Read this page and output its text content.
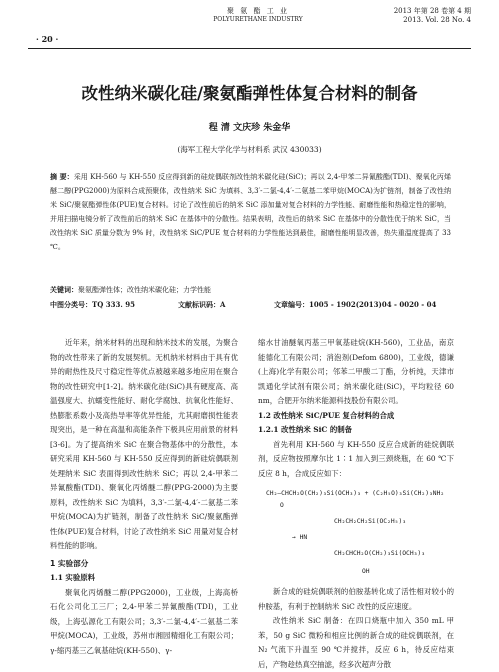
聚 氨 酯 工 业
POLYURETHANE INDUSTRY
· 20 ·
2013 年第 28 卷第 4 期
2013. Vol. 28 No. 4
改性纳米碳化硅/聚氨酯弹性体复合材料的制备
程 清 文庆珍 朱金华
(海军工程大学化学与材料系 武汉 430033)
摘 要：采用 KH-560 与 KH-550 反应得到新的硅烷偶联剂改性纳米碳化硅(SiC)；再以 2,4-甲苯二异氰酸酯(TDI)、聚氧化丙烯醚二醇(PPG2000)为原料合成预聚体，改性纳米 SiC 为填料、3,3′-二氯-4,4′-二氨基二苯甲烷(MOCA)为扩链剂，制备了改性纳米 SiC/聚氨酯弹性体(PUE)复合材料。讨论了改性前后的纳米 SiC 添加量对复合材料的力学性能、耐磨性能和热稳定性的影响，并用扫描电镜分析了改性前后的纳米 SiC 在基体中的分散性。结果表明，改性后的纳米 SiC 在基体中的分散性优于纳米 SiC，当改性纳米 SiC 质量分数为 9% 时，改性纳米 SiC/PUE 复合材料的力学性能达到最佳，耐磨性能明显改善，热失重温度提高了 33 ℃。
关键词：聚氨酯弹性体；改性纳米碳化硅；力学性能
中图分类号：TQ 333. 95	文献标识码：A	文章编号：1005 - 1902(2013)04 - 0020 - 04

近年来，纳米材料的出现和纳米技术的发展，为聚合物的改性带来了新的发展契机。无机纳米材料由于具有优异的耐热性及尺寸稳定性等优点被越来越多地应用在聚合物的改性研究中[1-2]。纳米碳化硅(SiC)具有硬度高、高温强度大、抗蠕变性能好、耐化学腐蚀、抗氧化性能好、热膨胀系数小及高热导率等优异性能，尤其耐磨损性能表现突出，是一种在高温和高能条件下极具应用前景的材料[3-6]。为了提高纳米 SiC 在聚合物基体中的分散性，本研究采用 KH-560 与 KH-550 反应得到的新硅烷偶联剂处理纳米 SiC 表面得到改性纳米 SiC；再以 2,4-甲苯二异氰酸酯(TDI)、聚氧化丙烯醚二醇(PPG-2000)为主要原料，改性纳米 SiC 为填料，3,3′-二氯-4,4′-二氨基二苯甲烷(MOCA)为扩链剂，制备了改性纳米 SiC/聚氨酯弹性体(PUE)复合材料，讨论了改性纳米 SiC 用量对复合材料性能的影响。

1 实验部分

1.1 实验原料

聚氧化丙烯醚二醇(PPG2000)，工业级，上海高桥石化公司化工三厂；2,4-甲苯二异氰酸酯(TDI)，工业级，上海弘源化工有限公司；3,3′-二氯-4,4′-二氨基二苯甲烷(MOCA)，工业级，苏州市湘园精细化工有限公司；γ-缩丙基三乙氧基硅烷(KH-550)、γ-

缩水甘油醚氧丙基三甲氧基硅烷(KH-560)，工业品，南京能德化工有限公司；消泡剂(Defom 6800)，工业级，德谦(上海)化学有限公司；邻苯二甲酸二丁酯，分析纯，天津市凯通化学试剂有限公司；纳米碳化硅(SiC)，平均粒径 60 nm，合肥开尔纳米能源科技股份有限公司。

1.2 改性纳米 SiC/PUE 复合材料的合成

1.2.1 改性纳米 SiC 的制备

首先利用 KH-560 与 KH-550 反应合成新的硅烷偶联剂，反应物按照摩尔比 1∶1 加入到三颈烧瓶，在 60 ℃下反应 8 h，合成反应如下：

CH₂—CHCH₂O(CH₂)₃Si(OCH₃)₃ + (C₂H₅O)₃Si(CH₂)₃NH₂
O
CH₂CH₂CH₂Si(OC₂H₅)₃
→ HN
CH₂CHCH₂O(CH₂)₃Si(OCH₃)₃
OH

新合成的硅烷偶联剂的伯胺基转化成了活性相对较小的仲胺基，有利于控制纳米 SiC 改性的反应速度。

改性纳米 SiC 制备：在四口烧瓶中加入 350 mL 甲苯，50 g SiC 微粉和相应比例的新合成的硅烷偶联剂，在 N₂ 气流下升温至 90 ℃并搅拌，反应 6 h，待反应结束后，产物趁热真空抽滤，经多次超声分散
